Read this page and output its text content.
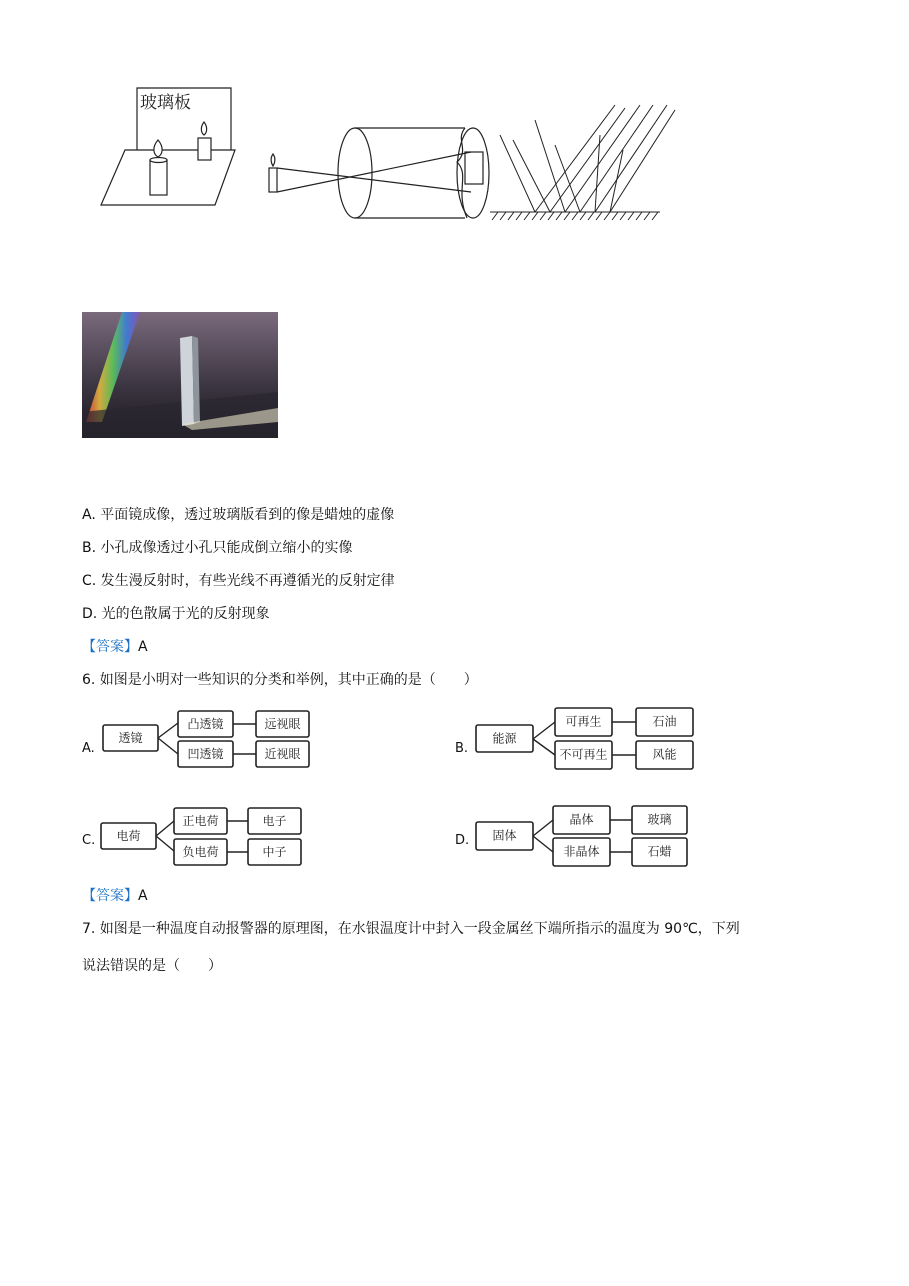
玻璃板
A. 平面镜成像，透过玻璃版看到的像是蜡烛的虚像
B. 小孔成像透过小孔只能成倒立缩小的实像
C. 发生漫反射时，有些光线不再遵循光的反射定律
D. 光的色散属于光的反射现象
【答案】A
6. 如图是小明对一些知识的分类和举例，其中正确的是（　　）
A.
透镜
凸透镜
凹透镜
远视眼
近视眼	B.
能源
可再生
不可再生
石油
风能
C. 电荷
正电荷
负电荷
电子
中子
D. 固体
晶体
非晶体
玻璃
石蜡
【答案】A
7. 如图是一种温度自动报警器的原理图，在水银温度计中封入一段金属丝下端所指示的温度为 90℃，下列
说法错误的是（　　）
